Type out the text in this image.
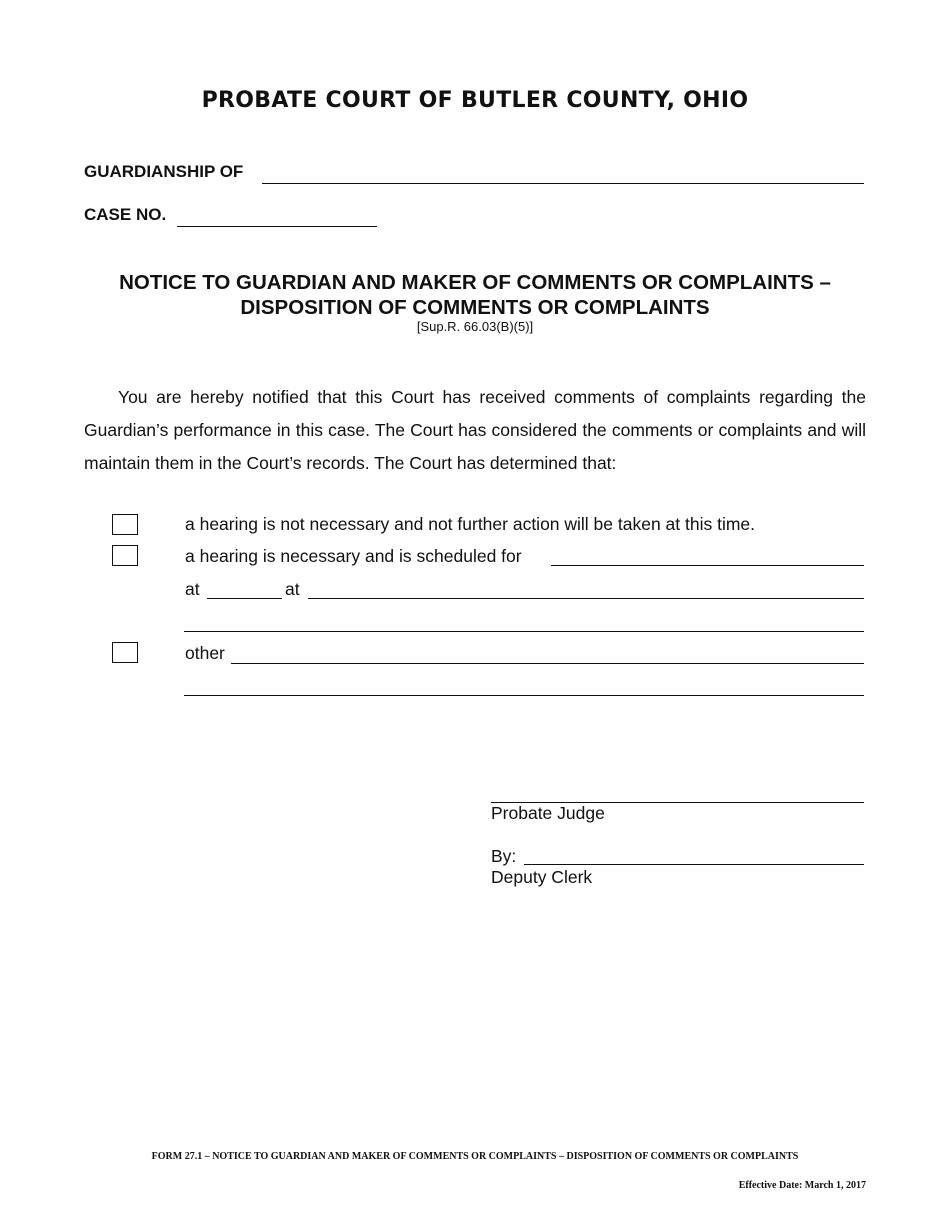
PROBATE COURT OF BUTLER COUNTY, OHIO
GUARDIANSHIP OF
CASE NO.
NOTICE TO GUARDIAN AND MAKER OF COMMENTS OR COMPLAINTS –
DISPOSITION OF COMMENTS OR COMPLAINTS
[Sup.R. 66.03(B)(5)]
You are hereby notified that this Court has received comments of complaints regarding the Guardian’s performance in this case. The Court has considered the comments or complaints and will maintain them in the Court’s records. The Court has determined that:
a hearing is not necessary and not further action will be taken at this time.
a hearing is necessary and is scheduled for
at	at
other
Probate Judge
By:
Deputy Clerk
FORM 27.1 – NOTICE TO GUARDIAN AND MAKER OF COMMENTS OR COMPLAINTS – DISPOSITION OF COMMENTS OR COMPLAINTS
Effective Date: March 1, 2017
